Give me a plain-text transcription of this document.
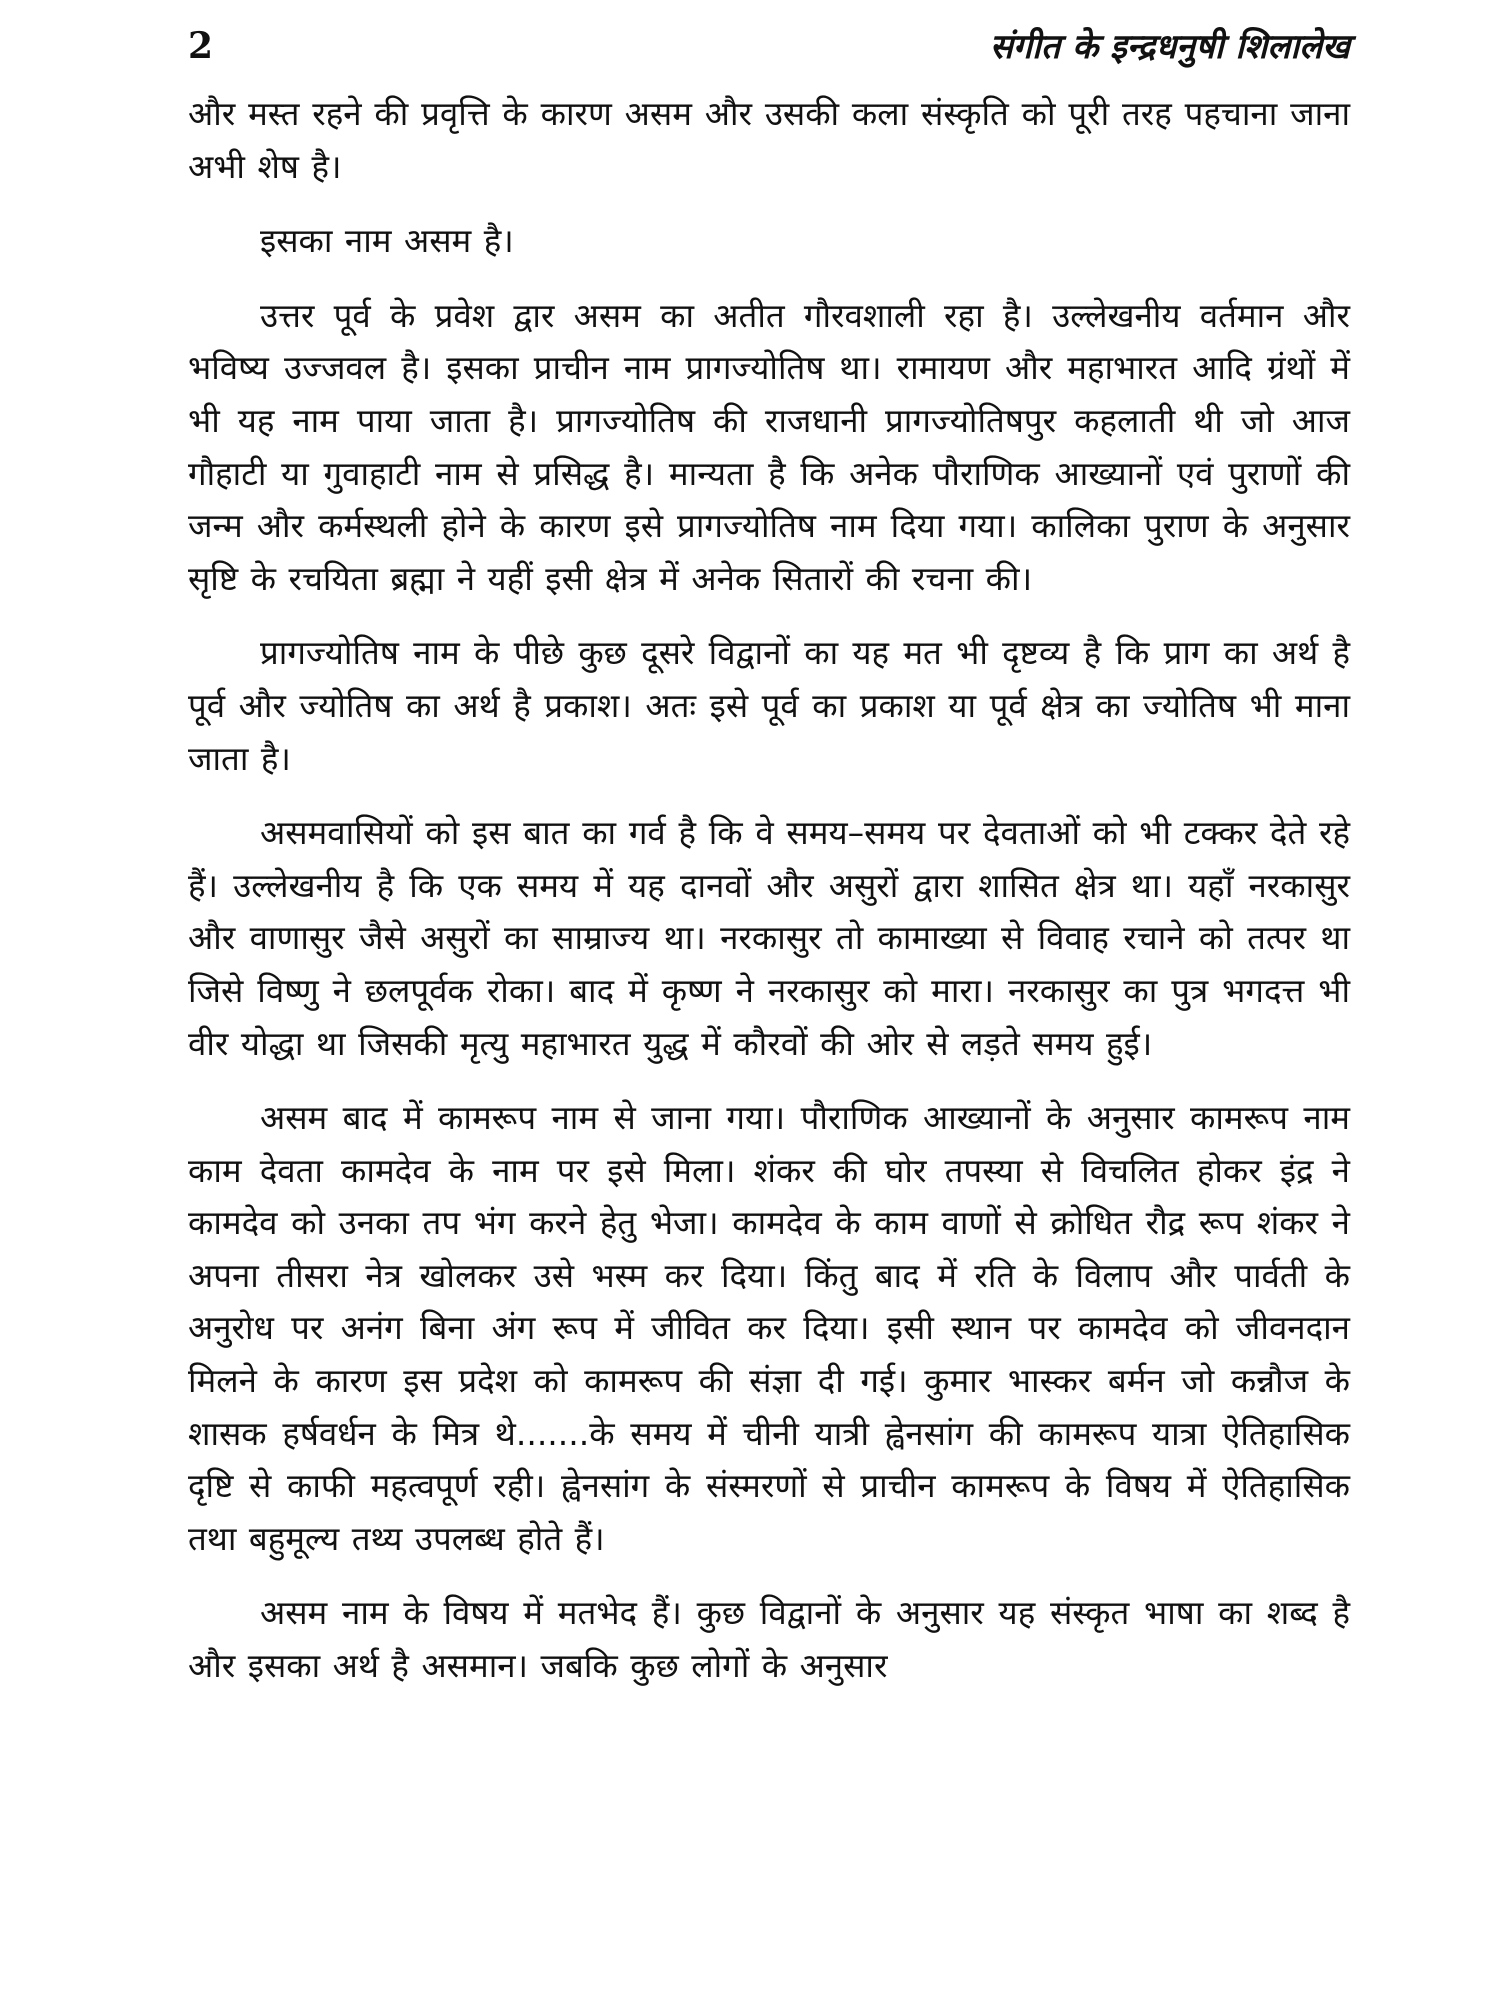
2	संगीत के इन्द्रधनुषी शिलालेख

और मस्त रहने की प्रवृत्ति के कारण असम और उसकी कला संस्कृति को पूरी तरह पहचाना जाना अभी शेष है।

इसका नाम असम है।

उत्तर पूर्व के प्रवेश द्वार असम का अतीत गौरवशाली रहा है। उल्लेखनीय वर्तमान और भविष्य उज्जवल है। इसका प्राचीन नाम प्रागज्योतिष था। रामायण और महाभारत आदि ग्रंथों में भी यह नाम पाया जाता है। प्रागज्योतिष की राजधानी प्रागज्योतिषपुर कहलाती थी जो आज गौहाटी या गुवाहाटी नाम से प्रसिद्ध है। मान्यता है कि अनेक पौराणिक आख्यानों एवं पुराणों की जन्म और कर्मस्थली होने के कारण इसे प्रागज्योतिष नाम दिया गया। कालिका पुराण के अनुसार सृष्टि के रचयिता ब्रह्मा ने यहीं इसी क्षेत्र में अनेक सितारों की रचना की।

प्रागज्योतिष नाम के पीछे कुछ दूसरे विद्वानों का यह मत भी दृष्टव्य है कि प्राग का अर्थ है पूर्व और ज्योतिष का अर्थ है प्रकाश। अतः इसे पूर्व का प्रकाश या पूर्व क्षेत्र का ज्योतिष भी माना जाता है।

असमवासियों को इस बात का गर्व है कि वे समय–समय पर देवताओं को भी टक्कर देते रहे हैं। उल्लेखनीय है कि एक समय में यह दानवों और असुरों द्वारा शासित क्षेत्र था। यहाँ नरकासुर और वाणासुर जैसे असुरों का साम्राज्य था। नरकासुर तो कामाख्या से विवाह रचाने को तत्पर था जिसे विष्णु ने छलपूर्वक रोका। बाद में कृष्ण ने नरकासुर को मारा। नरकासुर का पुत्र भगदत्त भी वीर योद्धा था जिसकी मृत्यु महाभारत युद्ध में कौरवों की ओर से लड़ते समय हुई।

असम बाद में कामरूप नाम से जाना गया। पौराणिक आख्यानों के अनुसार कामरूप नाम काम देवता कामदेव के नाम पर इसे मिला। शंकर की घोर तपस्या से विचलित होकर इंद्र ने कामदेव को उनका तप भंग करने हेतु भेजा। कामदेव के काम वाणों से क्रोधित रौद्र रूप शंकर ने अपना तीसरा नेत्र खोलकर उसे भस्म कर दिया। किंतु बाद में रति के विलाप और पार्वती के अनुरोध पर अनंग बिना अंग रूप में जीवित कर दिया। इसी स्थान पर कामदेव को जीवनदान मिलने के कारण इस प्रदेश को कामरूप की संज्ञा दी गई। कुमार भास्कर बर्मन जो कन्नौज के शासक हर्षवर्धन के मित्र थे.......के समय में चीनी यात्री ह्वेनसांग की कामरूप यात्रा ऐतिहासिक दृष्टि से काफी महत्वपूर्ण रही। ह्वेनसांग के संस्मरणों से प्राचीन कामरूप के विषय में ऐतिहासिक तथा बहुमूल्य तथ्य उपलब्ध होते हैं।

असम नाम के विषय में मतभेद हैं। कुछ विद्वानों के अनुसार यह संस्कृत भाषा का शब्द है और इसका अर्थ है असमान। जबकि कुछ लोगों के अनुसार
